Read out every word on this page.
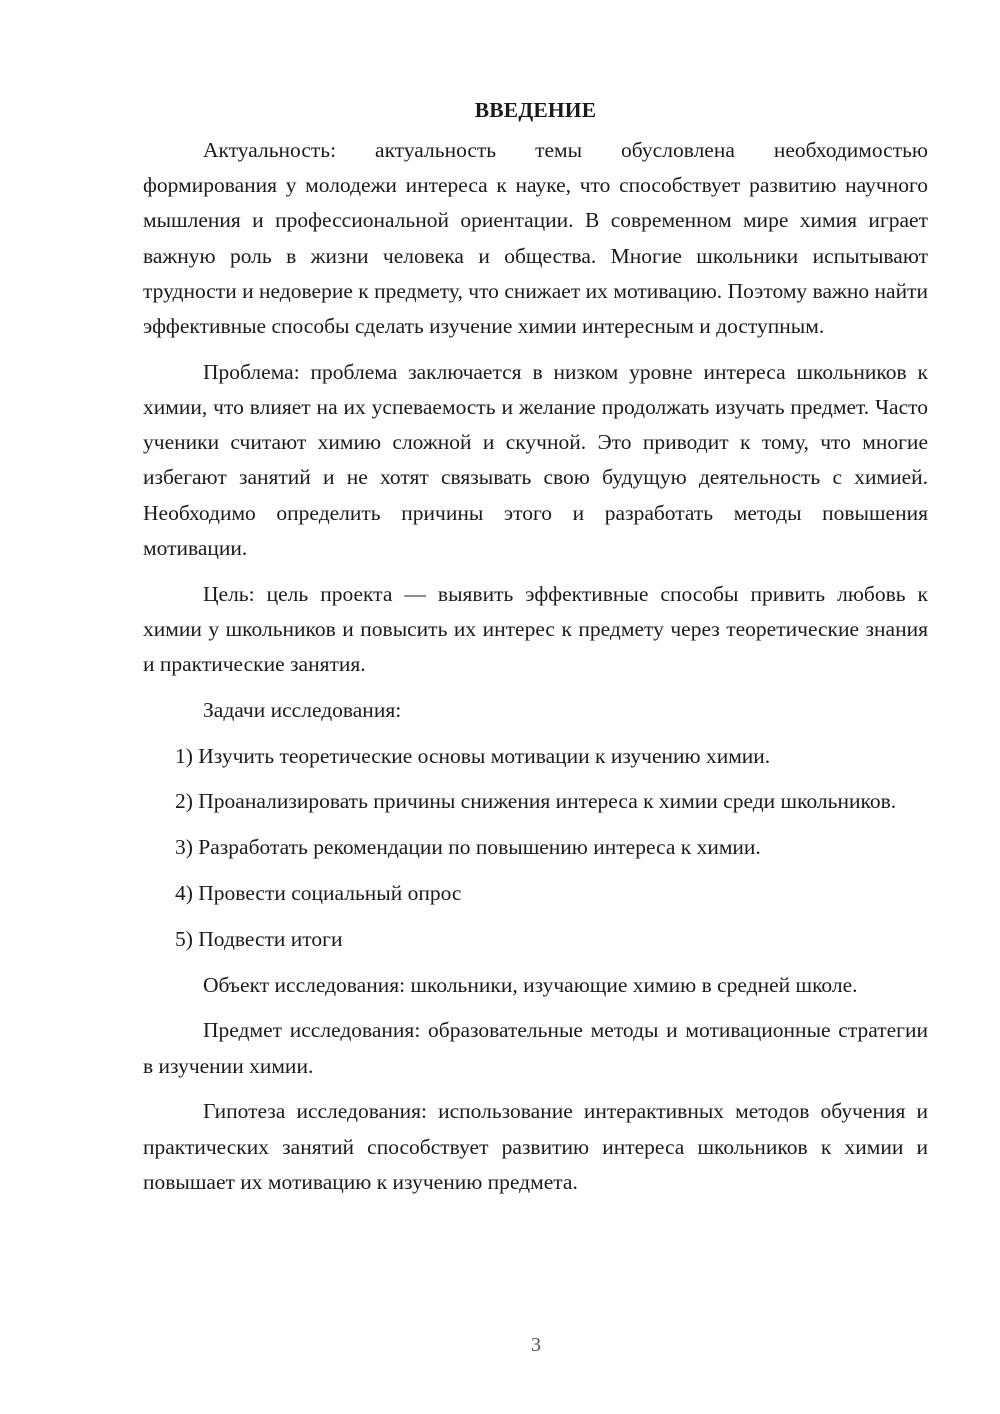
ВВЕДЕНИЕ

Актуальность: актуальность темы обусловлена необходимостью формирования у молодежи интереса к науке, что способствует развитию научного мышления и профессиональной ориентации. В современном мире химия играет важную роль в жизни человека и общества. Многие школьники испытывают трудности и недоверие к предмету, что снижает их мотивацию. Поэтому важно найти эффективные способы сделать изучение химии интересным и доступным.

Проблема: проблема заключается в низком уровне интереса школьников к химии, что влияет на их успеваемость и желание продолжать изучать предмет. Часто ученики считают химию сложной и скучной. Это приводит к тому, что многие избегают занятий и не хотят связывать свою будущую деятельность с химией. Необходимо определить причины этого и разработать методы повышения мотивации.

Цель: цель проекта — выявить эффективные способы привить любовь к химии у школьников и повысить их интерес к предмету через теоретические знания и практические занятия.

Задачи исследования:

1) Изучить теоретические основы мотивации к изучению химии.

2) Проанализировать причины снижения интереса к химии среди школьников.

3) Разработать рекомендации по повышению интереса к химии.

4) Провести социальный опрос

5) Подвести итоги

Объект исследования: школьники, изучающие химию в средней школе.

Предмет исследования: образовательные методы и мотивационные стратегии в изучении химии.

Гипотеза исследования: использование интерактивных методов обучения и практических занятий способствует развитию интереса школьников к химии и повышает их мотивацию к изучению предмета.

3
